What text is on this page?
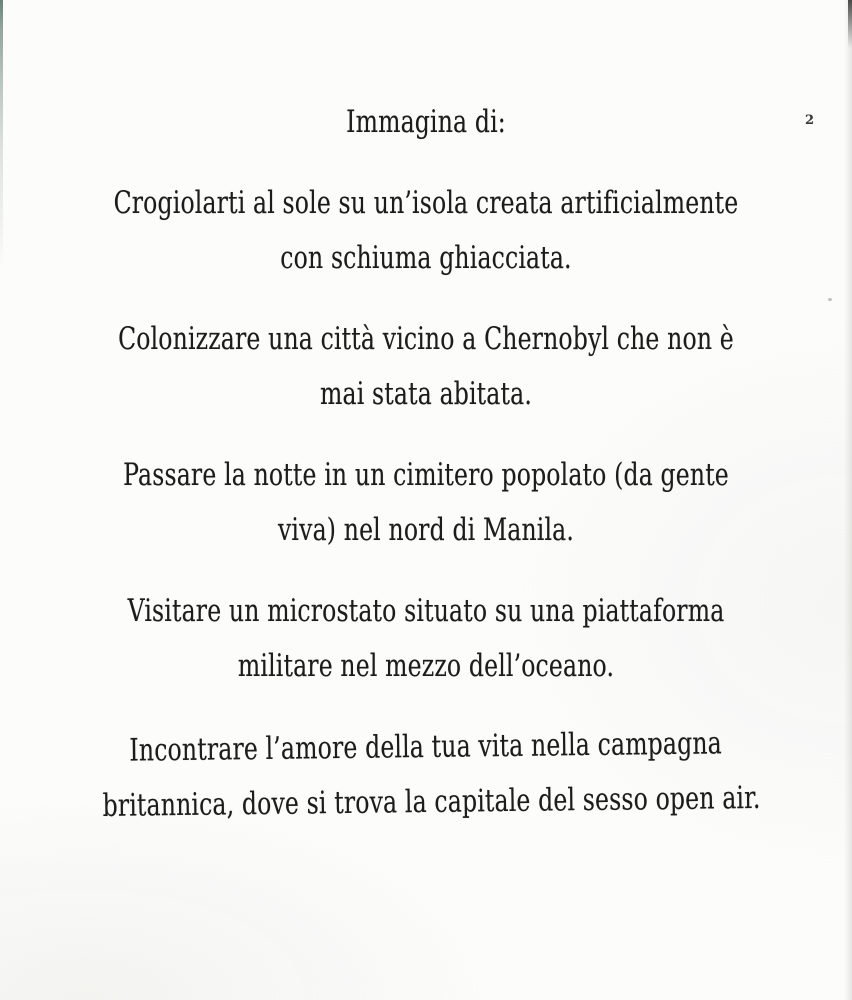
2
Immagina di:
Crogiolarti al sole su un’isola creata artificialmente
con schiuma ghiacciata.
Colonizzare una città vicino a Chernobyl che non è
mai stata abitata.
Passare la notte in un cimitero popolato (da gente
viva) nel nord di Manila.
Visitare un microstato situato su una piattaforma
militare nel mezzo dell’oceano.
Incontrare l’amore della tua vita nella campagna
britannica, dove si trova la capitale del sesso open air.
